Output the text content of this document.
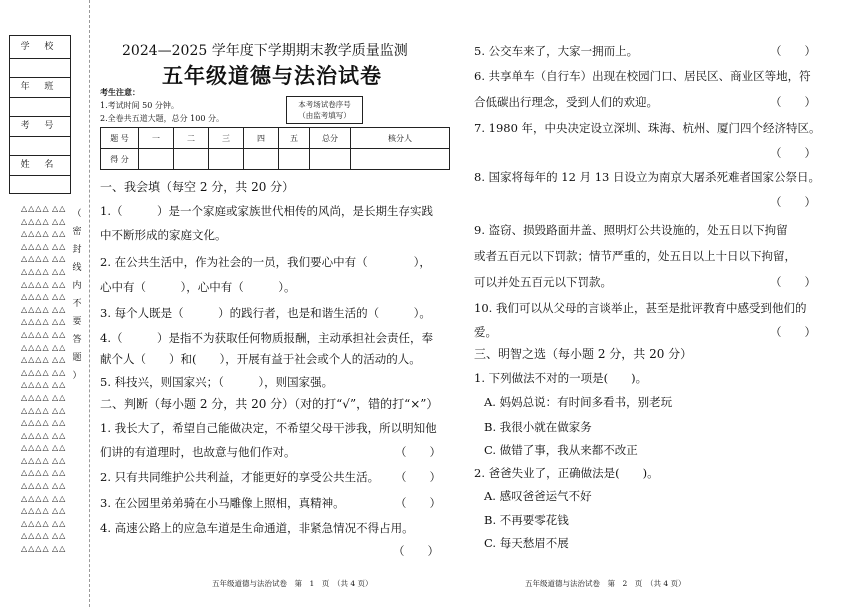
学 校
年 班
考 号
姓 名
△△△△
△△△△
△△△△
△△△△
△△△△
△△△△
△△△△
△△△△
△△△△
△△△△
△△△△
△△△△
△△△△
△△△△
△△△△
△△△△
△△△△
△△△△
△△△△
△△△△
△△△△
△△△△
△△△△
△△△△
△△△△
△△△△
△△△△
△△△△
△△
△△
△△
△△
△△
△△
△△
△△
△△
△△
△△
△△
△△
△△
△△
△△
△△
△△
△△
△△
△△
△△
△△
△△
△△
△△
△△
△△
（
密
封
线
内
不
要
答
题
）
2024—2025 学年度下学期期末教学质量监测
五年级道德与法治试卷
考生注意：
1.考试时间 50 分钟。
2.全卷共五道大题，总分 100 分。
本考场试卷序号
（由监考填写）
题 号	一	二	三	四	五	总分	核分人
得 分							
一、我会填（每空 2 分，共 20 分）
1.（　　　）是一个家庭或家族世代相传的风尚，是长期生存实践
中不断形成的家庭文化。
2. 在公共生活中，作为社会的一员，我们要心中有（　　　　），
心中有（　　　），心中有（　　　）。
3. 每个人既是（　　　）的践行者，也是和谐生活的（　　　）。
4.（　　　）是指不为获取任何物质报酬，主动承担社会责任，奉
献个人（　　）和(　　），开展有益于社会或个人的活动的人。
5. 科技兴，则国家兴；（　　　），则国家强。
二、判断（每小题 2 分，共 20 分）（对的打“√”，错的打“×”）
1. 我长大了，希望自己能做决定，不希望父母干涉我，所以明知他
们讲的有道理时，也故意与他们作对。	（　　）
2. 只有共同维护公共利益，才能更好的享受公共生活。 （　　）
3. 在公园里弟弟骑在小马雕像上照相，真精神。	（　　）
4. 高速公路上的应急车道是生命通道，非紧急情况不得占用。
（　　）
五年级道德与法治试卷　第　1　页　（共 4 页）
5. 公交车来了，大家一拥而上。	（　　）
6. 共享单车（自行车）出现在校园门口、居民区、商业区等地，符
合低碳出行理念，受到人们的欢迎。	（　　）
7. 1980 年，中央决定设立深圳、珠海、杭州、厦门四个经济特区。
（　　）
8. 国家将每年的 12 月 13 日设立为南京大屠杀死难者国家公祭日。
（　　）
9. 盗窃、损毁路面井盖、照明灯公共设施的，处五日以下拘留
或者五百元以下罚款；情节严重的，处五日以上十日以下拘留，
可以并处五百元以下罚款。	（　　）
10. 我们可以从父母的言谈举止，甚至是批评教育中感受到他们的
爱。	（　　）
三、明智之选（每小题 2 分，共 20 分）
1. 下列做法不对的一项是(　　)。
A. 妈妈总说：有时间多看书，别老玩
B. 我很小就在做家务
C. 做错了事，我从来都不改正
2. 爸爸失业了，正确做法是(　　)。
A. 感叹爸爸运气不好
B. 不再要零花钱
C. 每天愁眉不展
五年级道德与法治试卷　第　2　页　（共 4 页）
